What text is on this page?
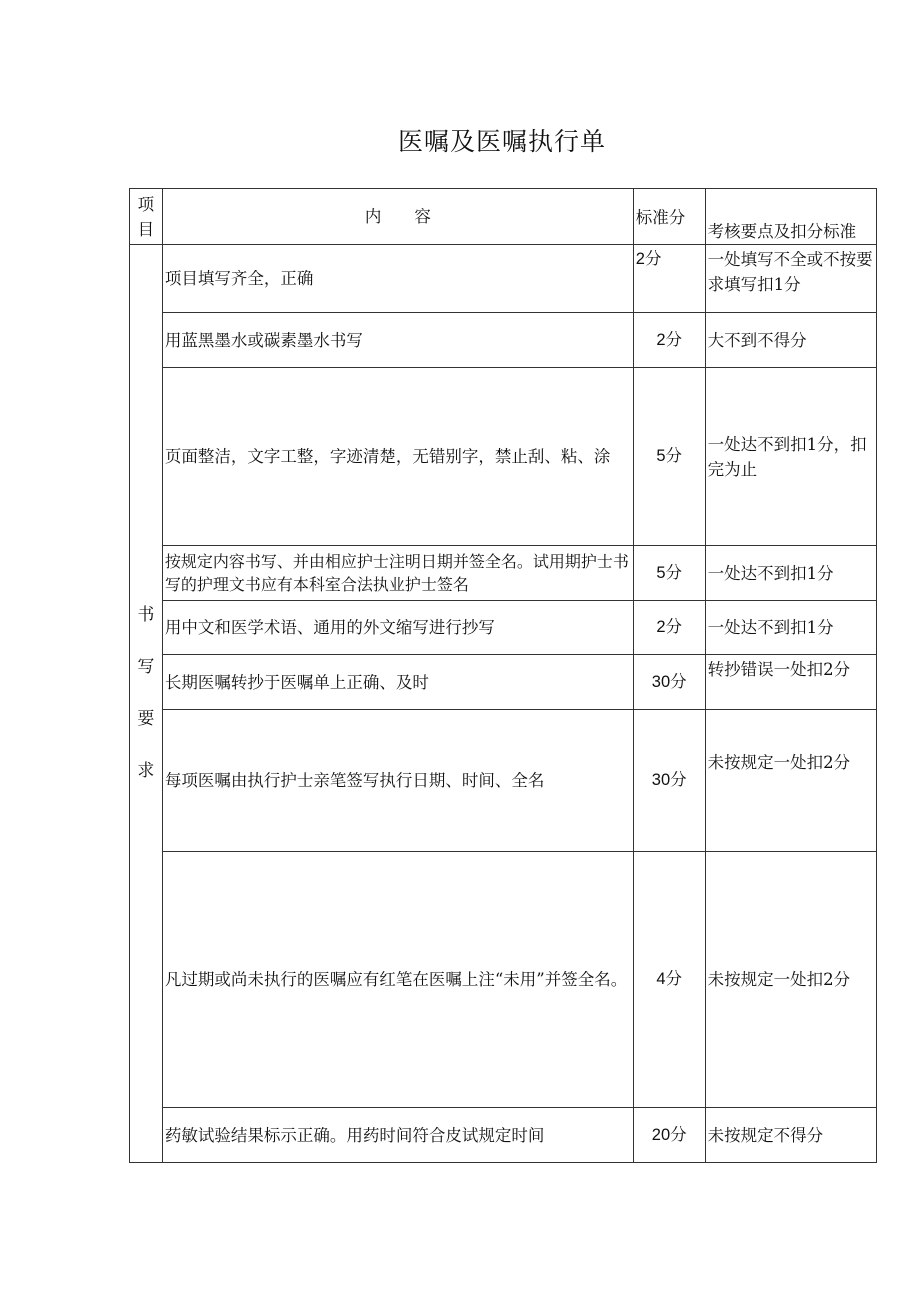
医嘱及医嘱执行单
项
目	内　　容	标准分	考核要点及扣分标准

书
写
要
求	项目填写齐全，正确	2分	一处填写不全或不按要求填写扣1分
	用蓝黑墨水或碳素墨水书写	2分	大不到不得分
	页面整洁，文字工整，字迹清楚，无错别字，禁止刮、粘、涂	5分	一处达不到扣1分，扣完为止
	按规定内容书写、并由相应护士注明日期并签全名。试用期护士书写的护理文书应有本科室合法执业护士签名	5分	一处达不到扣1分
	用中文和医学术语、通用的外文缩写进行抄写	2分	一处达不到扣1分
	长期医嘱转抄于医嘱单上正确、及时	30分	转抄错误一处扣2分
	每项医嘱由执行护士亲笔签写执行日期、时间、全名	30分	未按规定一处扣2分
	凡过期或尚未执行的医嘱应有红笔在医嘱上注“未用”并签全名。	4分	未按规定一处扣2分
	药敏试验结果标示正确。用药时间符合皮试规定时间	20分	未按规定不得分
